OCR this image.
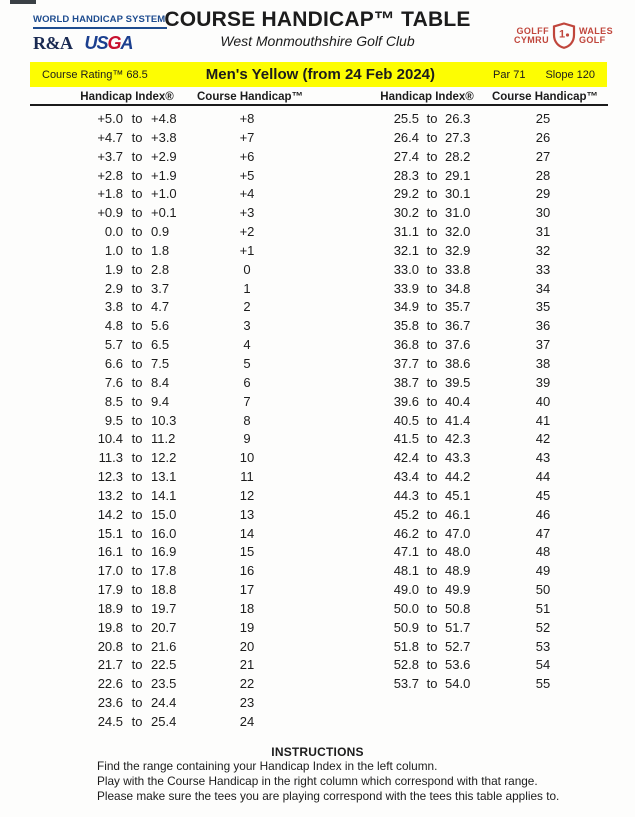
WORLD HANDICAP SYSTEM
R&A USGA
COURSE HANDICAP™ TABLE
West Monmouthshire Golf Club
GOLFF
CYMRU 1 WALES
GOLF
Course Rating™ 68.5	Men's Yellow (from 24 Feb 2024)	Par 71 Slope 120
Handicap Index®	Course Handicap™	Handicap Index®	Course Handicap™
+5.0 to +4.8	+8
+4.7 to +3.8	+7
+3.7 to +2.9	+6
+2.8 to +1.9	+5
+1.8 to +1.0	+4
+0.9 to +0.1	+3
0.0 to 0.9	+2
1.0 to 1.8	+1
1.9 to 2.8	0
2.9 to 3.7	1
3.8 to 4.7	2
4.8 to 5.6	3
5.7 to 6.5	4
6.6 to 7.5	5
7.6 to 8.4	6
8.5 to 9.4	7
9.5 to 10.3	8
10.4 to 11.2	9
11.3 to 12.2	10
12.3 to 13.1	11
13.2 to 14.1	12
14.2 to 15.0	13
15.1 to 16.0	14
16.1 to 16.9	15
17.0 to 17.8	16
17.9 to 18.8	17
18.9 to 19.7	18
19.8 to 20.7	19
20.8 to 21.6	20
21.7 to 22.5	21
22.6 to 23.5	22
23.6 to 24.4	23
24.5 to 25.4	24
25.5 to 26.3	25
26.4 to 27.3	26
27.4 to 28.2	27
28.3 to 29.1	28
29.2 to 30.1	29
30.2 to 31.0	30
31.1 to 32.0	31
32.1 to 32.9	32
33.0 to 33.8	33
33.9 to 34.8	34
34.9 to 35.7	35
35.8 to 36.7	36
36.8 to 37.6	37
37.7 to 38.6	38
38.7 to 39.5	39
39.6 to 40.4	40
40.5 to 41.4	41
41.5 to 42.3	42
42.4 to 43.3	43
43.4 to 44.2	44
44.3 to 45.1	45
45.2 to 46.1	46
46.2 to 47.0	47
47.1 to 48.0	48
48.1 to 48.9	49
49.0 to 49.9	50
50.0 to 50.8	51
50.9 to 51.7	52
51.8 to 52.7	53
52.8 to 53.6	54
53.7 to 54.0	55
INSTRUCTIONS
Find the range containing your Handicap Index in the left column.
Play with the Course Handicap in the right column which correspond with that range.
Please make sure the tees you are playing correspond with the tees this table applies to.
